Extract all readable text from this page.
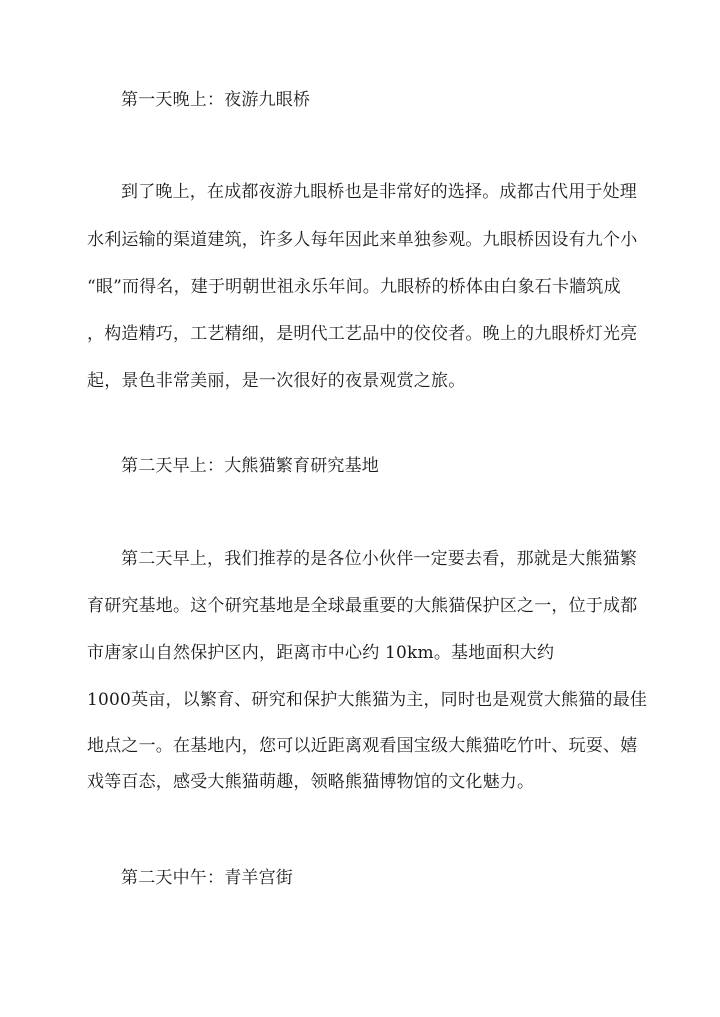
第一天晚上：夜游九眼桥
到了晚上，在成都夜游九眼桥也是非常好的选择。成都古代用于处理
水利运输的渠道建筑，许多人每年因此来单独参观。九眼桥因设有九个小
“眼”而得名，建于明朝世祖永乐年间。九眼桥的桥体由白象石卡牆筑成
，构造精巧，工艺精细，是明代工艺品中的佼佼者。晚上的九眼桥灯光亮
起，景色非常美丽，是一次很好的夜景观赏之旅。
第二天早上：大熊猫繁育研究基地
第二天早上，我们推荐的是各位小伙伴一定要去看，那就是大熊猫繁
育研究基地。这个研究基地是全球最重要的大熊猫保护区之一，位于成都
市唐家山自然保护区内，距离市中心约 10km。基地面积大约
1000英亩，以繁育、研究和保护大熊猫为主，同时也是观赏大熊猫的最佳
地点之一。在基地内，您可以近距离观看国宝级大熊猫吃竹叶、玩耍、嬉
戏等百态，感受大熊猫萌趣，领略熊猫博物馆的文化魅力。
第二天中午：青羊宫街
